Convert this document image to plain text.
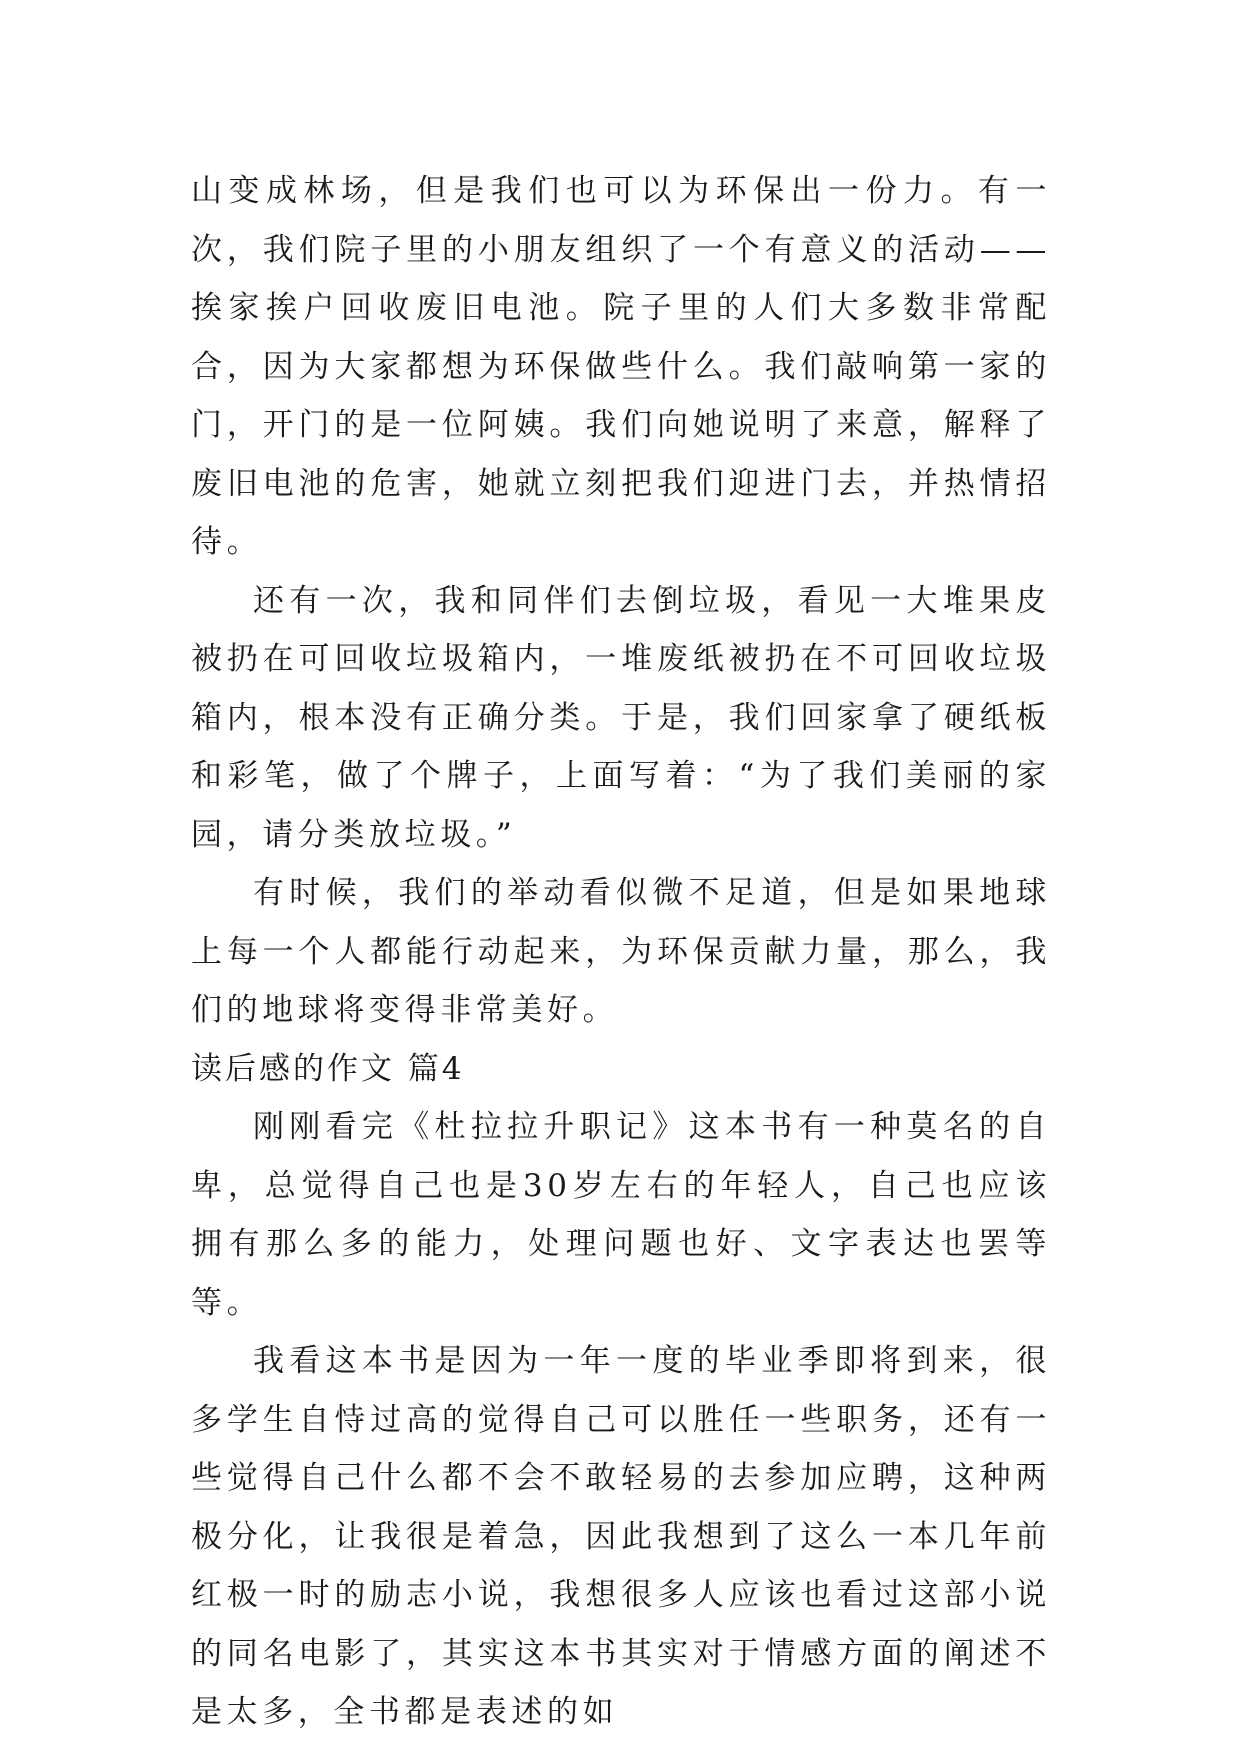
山变成林场，但是我们也可以为环保出一份力。有一次，我们院子里的小朋友组织了一个有意义的活动——挨家挨户回收废旧电池。院子里的人们大多数非常配合，因为大家都想为环保做些什么。我们敲响第一家的门，开门的是一位阿姨。我们向她说明了来意，解释了废旧电池的危害，她就立刻把我们迎进门去，并热情招待。

还有一次，我和同伴们去倒垃圾，看见一大堆果皮被扔在可回收垃圾箱内，一堆废纸被扔在不可回收垃圾箱内，根本没有正确分类。于是，我们回家拿了硬纸板和彩笔，做了个牌子，上面写着：“为了我们美丽的家园，请分类放垃圾。”

有时候，我们的举动看似微不足道，但是如果地球上每一个人都能行动起来，为环保贡献力量，那么，我们的地球将变得非常美好。

读后感的作文 篇4

刚刚看完《杜拉拉升职记》这本书有一种莫名的自卑，总觉得自己也是30岁左右的年轻人，自己也应该拥有那么多的能力，处理问题也好、文字表达也罢等等。

我看这本书是因为一年一度的毕业季即将到来，很多学生自恃过高的觉得自己可以胜任一些职务，还有一些觉得自己什么都不会不敢轻易的去参加应聘，这种两极分化，让我很是着急，因此我想到了这么一本几年前红极一时的励志小说，我想很多人应该也看过这部小说的同名电影了，其实这本书其实对于情感方面的阐述不是太多，全书都是表述的如
